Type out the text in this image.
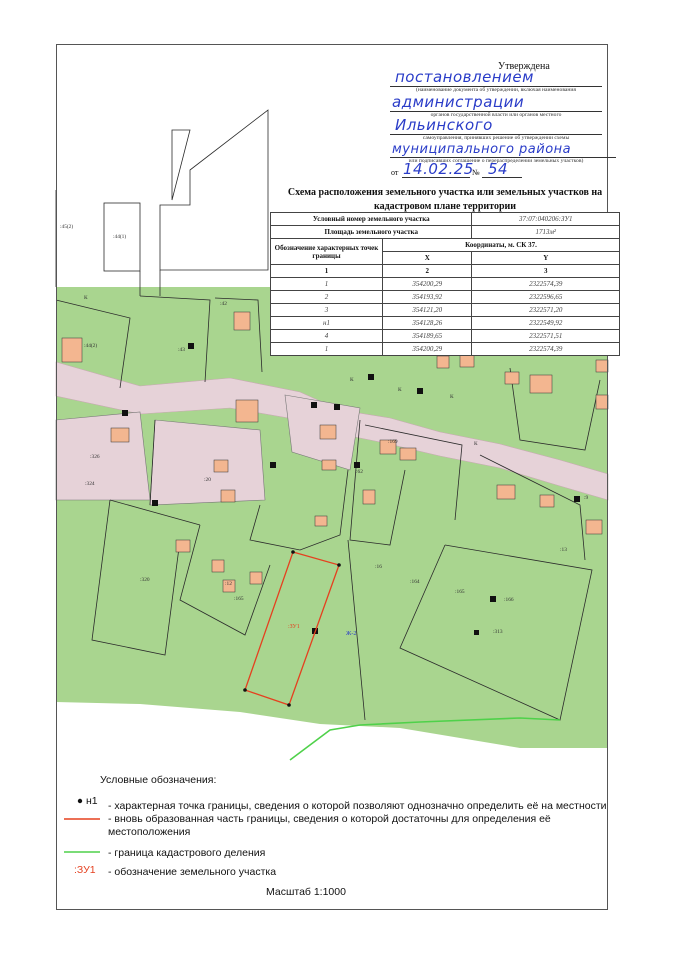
:45(2)
:44(1)
:42
:44(2)
:43
:326
:324
:20
:62
:320
:12
:165
:16
:164
:165
:166
:313
:13
:9
:169
:ЗУ1
Ж-2
К
К
К
К
К
Утверждена
постановлением
(наименование документа об утверждении, включая наименования
администрации
органов государственной власти или органов местного
Ильинского
самоуправления, принявших решение об утверждении схемы
муниципального района
или подписавших соглашение о перераспределении земельных участков)
от 14.02.25
№ 54
Схема расположения земельного участка или земельных участков на кадастровом плане территории
Условный номер земельного участка		37:07:040206:ЗУ1
Площадь земельного участка		1713м²
Обозначение характерных точек границы	Координаты, м. СК 37.	
	X	Y
1	2	3
1	354200,29	2322574,39
2	354193,92	2322596,65
3	354121,20	2322571,20
н1	354128,26	2322549,92
4	354189,65	2322571,51
1	354200,29	2322574,39
Условные обозначения:
н1 - характерная точка границы, сведения о которой позволяют однозначно определить её на местности
- вновь образованная часть границы, сведения о которой достаточны для определения её местоположения
- граница кадастрового деления
:ЗУ1 - обозначение земельного участка
Масштаб 1:1000
